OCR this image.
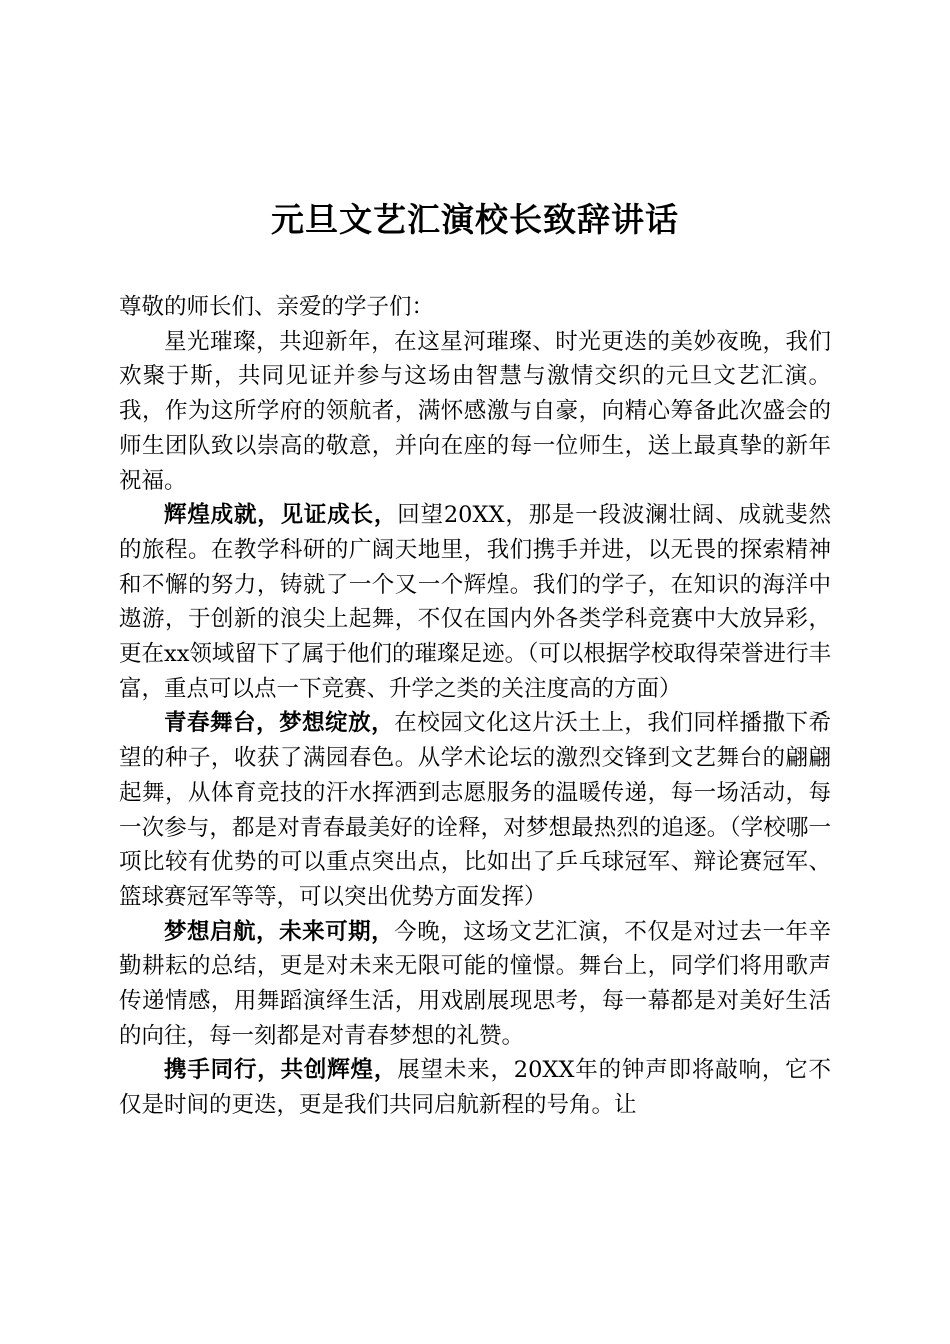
元旦文艺汇演校长致辞讲话

尊敬的师长们、亲爱的学子们：

星光璀璨，共迎新年，在这星河璀璨、时光更迭的美妙夜晚，我们欢聚于斯，共同见证并参与这场由智慧与激情交织的元旦文艺汇演。我，作为这所学府的领航者，满怀感激与自豪，向精心筹备此次盛会的师生团队致以崇高的敬意，并向在座的每一位师生，送上最真挚的新年祝福。

辉煌成就，见证成长，回望20XX，那是一段波澜壮阔、成就斐然的旅程。在教学科研的广阔天地里，我们携手并进，以无畏的探索精神和不懈的努力，铸就了一个又一个辉煌。我们的学子，在知识的海洋中遨游，于创新的浪尖上起舞，不仅在国内外各类学科竞赛中大放异彩，更在xx领域留下了属于他们的璀璨足迹。（可以根据学校取得荣誉进行丰富，重点可以点一下竞赛、升学之类的关注度高的方面）

青春舞台，梦想绽放，在校园文化这片沃土上，我们同样播撒下希望的种子，收获了满园春色。从学术论坛的激烈交锋到文艺舞台的翩翩起舞，从体育竞技的汗水挥洒到志愿服务的温暖传递，每一场活动，每一次参与，都是对青春最美好的诠释，对梦想最热烈的追逐。（学校哪一项比较有优势的可以重点突出点，比如出了乒乓球冠军、辩论赛冠军、篮球赛冠军等等，可以突出优势方面发挥）

梦想启航，未来可期，今晚，这场文艺汇演，不仅是对过去一年辛勤耕耘的总结，更是对未来无限可能的憧憬。舞台上，同学们将用歌声传递情感，用舞蹈演绎生活，用戏剧展现思考，每一幕都是对美好生活的向往，每一刻都是对青春梦想的礼赞。

携手同行，共创辉煌，展望未来，20XX年的钟声即将敲响，它不仅是时间的更迭，更是我们共同启航新程的号角。让
